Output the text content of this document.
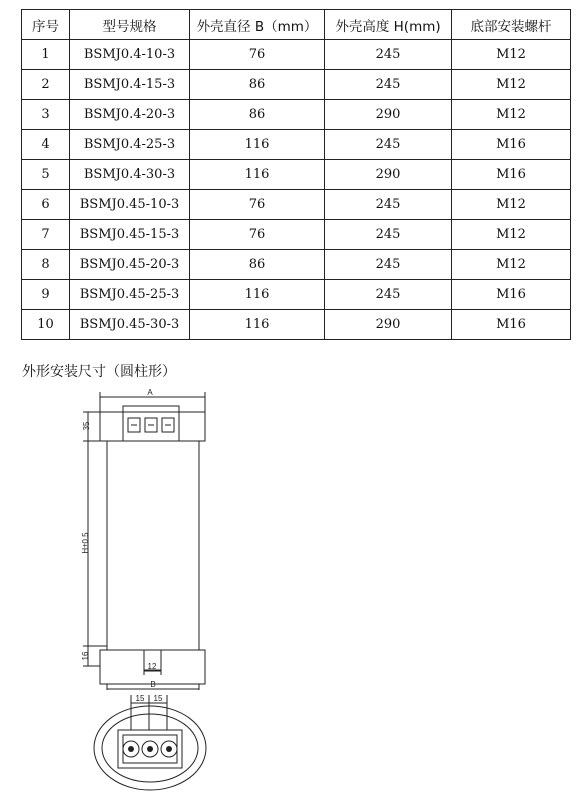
序号	型号规格	外壳直径 B（mm）	外壳高度 H(mm)	底部安装螺杆
1	BSMJ0.4-10-3	76	245	M12
2	BSMJ0.4-15-3	86	245	M12
3	BSMJ0.4-20-3	86	290	M12
4	BSMJ0.4-25-3	116	245	M16
5	BSMJ0.4-30-3	116	290	M16
6	BSMJ0.45-10-3	76	245	M12
7	BSMJ0.45-15-3	76	245	M12
8	BSMJ0.45-20-3	86	245	M12
9	BSMJ0.45-25-3	116	245	M16
10	BSMJ0.45-30-3	116	290	M16
外形安装尺寸（圆柱形）
A
35
H±0.5
16
12
B
15 15
